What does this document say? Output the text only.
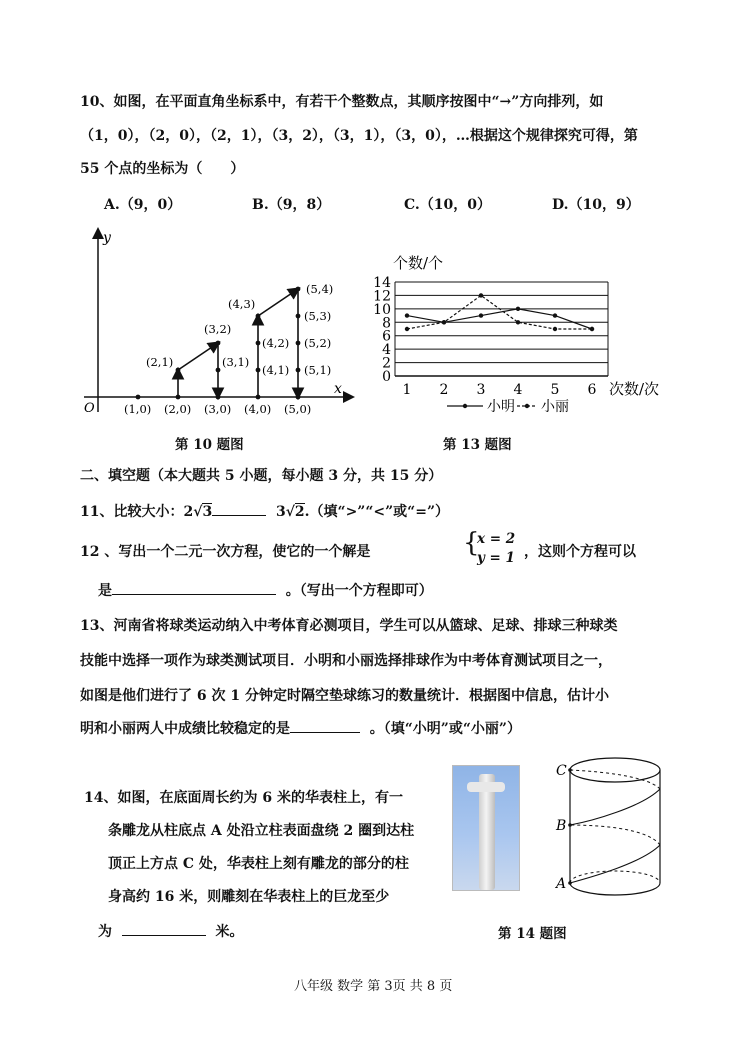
10、如图，在平面直角坐标系中，有若干个整数点，其顺序按图中“→”方向排列，如
（1，0），（2，0），（2，1），（3，2），（3，1），（3，0），…根据这个规律探究可得，第
55 个点的坐标为（　　）
A.（9，0）	B.（9，8）	C.（10，0）	D.（10，9）
y
x
O	(1,0) (2,0) (3,0) (4,0) (5,0)
(2,1)
(3,2)
(3,1)
(4,3)
(4,2)
(4,1)
(5,4)
(5,3)
(5,2)
(5,1)
第 10 题图
个数/个
次数/次
0
2
4
6
8
10
12
14
1 2 3 4 5 6
小明 小丽
第 13 题图
二、填空题（本大题共 5 小题，每小题 3 分，共 15 分）
11、比较大小：2√3	3√2.（填“>”“<”或“=”）
12 、写出一个二元一次方程，使它的一个解是	{
x = 2
y = 1 ，这则个方程可以
是	。（写出一个方程即可）
13、河南省将球类运动纳入中考体育必测项目，学生可以从篮球、足球、排球三种球类
技能中选择一项作为球类测试项目．小明和小丽选择排球作为中考体育测试项目之一，
如图是他们进行了 6 次 1 分钟定时隔空垫球练习的数量统计．根据图中信息，估计小
明和小丽两人中成绩比较稳定的是	。（填“小明”或“小丽”）
14、如图，在底面周长约为 6 米的华表柱上，有一
条雕龙从柱底点 A 处沿立柱表面盘绕 2 圈到达柱
顶正上方点 C 处，华表柱上刻有雕龙的部分的柱
身高约 16 米，则雕刻在华表柱上的巨龙至少
为	米。
C
B
A
第 14 题图
八年级 数学 第 3页 共 8 页
